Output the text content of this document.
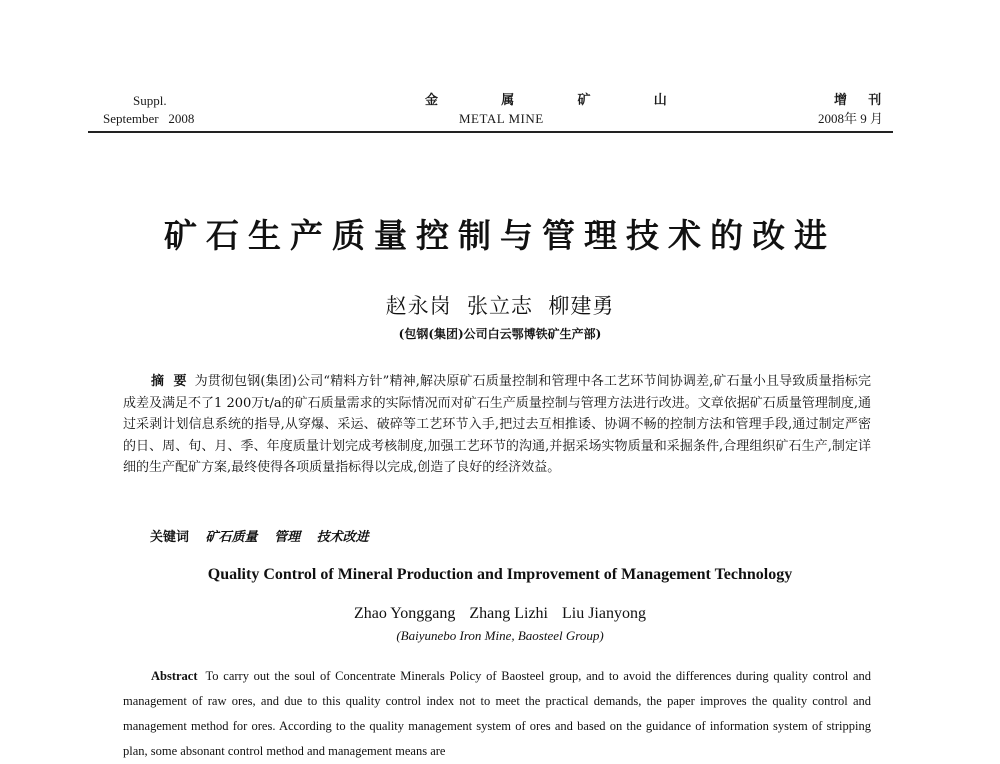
Suppl.
September   2008
金 属 矿 山
METAL MINE
增 刊
2008年 9 月
矿石生产质量控制与管理技术的改进
赵永岗  张立志  柳建勇
(包钢(集团)公司白云鄂博铁矿生产部)

摘  要 为贯彻包钢(集团)公司“精料方针”精神,解决原矿石质量控制和管理中各工艺环节间协调差,矿石量小且导致质量指标完成差及满足不了1 200万t/a的矿石质量需求的实际情况而对矿石生产质量控制与管理方法进行改进。文章依据矿石质量管理制度,通过采剥计划信息系统的指导,从穿爆、采运、破碎等工艺环节入手,把过去互相推诿、协调不畅的控制方法和管理手段,通过制定严密的日、周、旬、月、季、年度质量计划完成考核制度,加强工艺环节的沟通,并据采场实物质量和采掘条件,合理组织矿石生产,制定详细的生产配矿方案,最终使得各项质量指标得以完成,创造了良好的经济效益。

关键词 矿石质量 管理 技术改进
Quality Control of Mineral Production and Improvement of Management Technology
Zhao Yonggang Zhang Lizhi Liu Jianyong
(Baiyunebo Iron Mine, Baosteel Group)

Abstract To carry out the soul of Concentrate Minerals Policy of Baosteel group, and to avoid the differences during quality control and management of raw ores, and due to this quality control index not to meet the practical demands, the paper improves the quality control and management method for ores. According to the quality management system of ores and based on the guidance of information system of stripping plan, some absonant control method and management means are
